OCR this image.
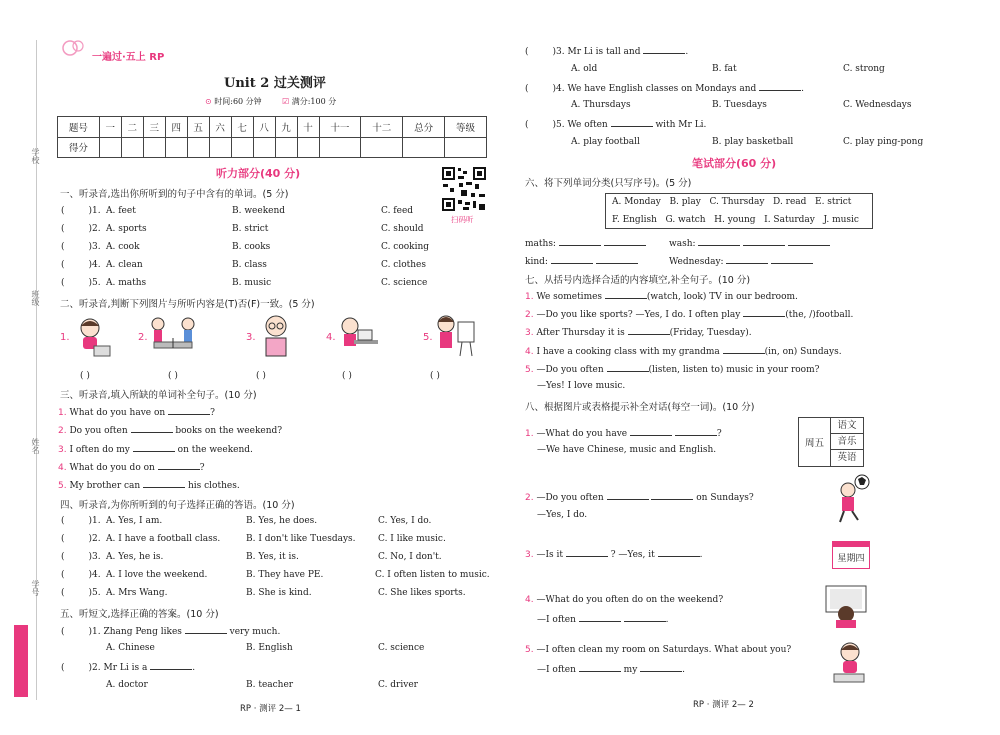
学校
班级
姓名
学号
一遍过·五上 RP
Unit 2 过关测评
⊙ 时间:60 分钟	☑ 满分:100 分
题号	一	二	三	四	五	六	七	八	九	十	十一	十二	总分	等级
得分														
听力部分(40 分)
扫码听
一、听录音,选出你所听到的句子中含有的单词。(5 分)
(	)1. A. feet	B. weekend	C. feed
(	)2. A. sports	B. strict	C. should
(	)3. A. cook	B. cooks	C. cooking
(	)4. A. clean	B. class	C. clothes
(	)5. A. maths	B. music	C. science
二、听录音,判断下列图片与所听内容是(T)否(F)一致。(5 分)
1.	2.	3.	4.	5.
( )	( )	( )	( )	( )
三、听录音,填入所缺的单词补全句子。(10 分)
1. What do you have on	?
2. Do you often	books on the weekend?
3. I often do my	on the weekend.
4. What do you do on	?
5. My brother can	his clothes.
四、听录音,为你所听到的句子选择正确的答语。(10 分)
(	)1. A. Yes, I am.	B. Yes, he does.	C. Yes, I do.
(	)2. A. I have a football class.	B. I don't like Tuesdays. C. I like music.
(	)3. A. Yes, he is.	B. Yes, it is.	C. No, I don't.
(	)4. A. I love the weekend.	B. They have PE.	C. I often listen to music.
(	)5. A. Mrs Wang.	B. She is kind.	C. She likes sports.
五、听短文,选择正确的答案。(10 分)
(	)1. Zhang Peng likes	very much.
A. Chinese	B. English	C. science
(	)2. Mr Li is a	.
A. doctor	B. teacher	C. driver
RP · 测评 2— 1
(	)3. Mr Li is tall and	.
A. old	B. fat	C. strong
(	)4. We have English classes on Mondays and	.
A. Thursdays	B. Tuesdays	C. Wednesdays
(	)5. We often	with Mr Li.
A. play football	B. play basketball	C. play ping-pong
笔试部分(60 分)
六、将下列单词分类(只写序号)。(5 分)
A. Monday   B. play   C. Thursday   D. read   E. strict
F. English   G. watch   H. young   I. Saturday   J. music
maths:	wash:
kind:	Wednesday:
七、从括号内选择合适的内容填空,补全句子。(10 分)
1. We sometimes	(watch, look) TV in our bedroom.
2. —Do you like sports? —Yes, I do. I often play	(the, /)football.
3. After Thursday it is	(Friday, Tuesday).
4. I have a cooking class with my grandma	(in, on) Sundays.
5. —Do you often	(listen, listen to) music in your room?
—Yes! I love music.
八、根据图片或表格提示补全对话(每空一词)。(10 分)
周五
语文
音乐
英语
1. —What do you have	?
—We have Chinese, music and English.
2. —Do you often	on Sundays?
—Yes, I do.
星期四
3. —Is it	? —Yes, it	.
4. —What do you often do on the weekend?
—I often	.
5. —I often clean my room on Saturdays. What about you?
—I often	my	.
RP · 测评 2— 2
